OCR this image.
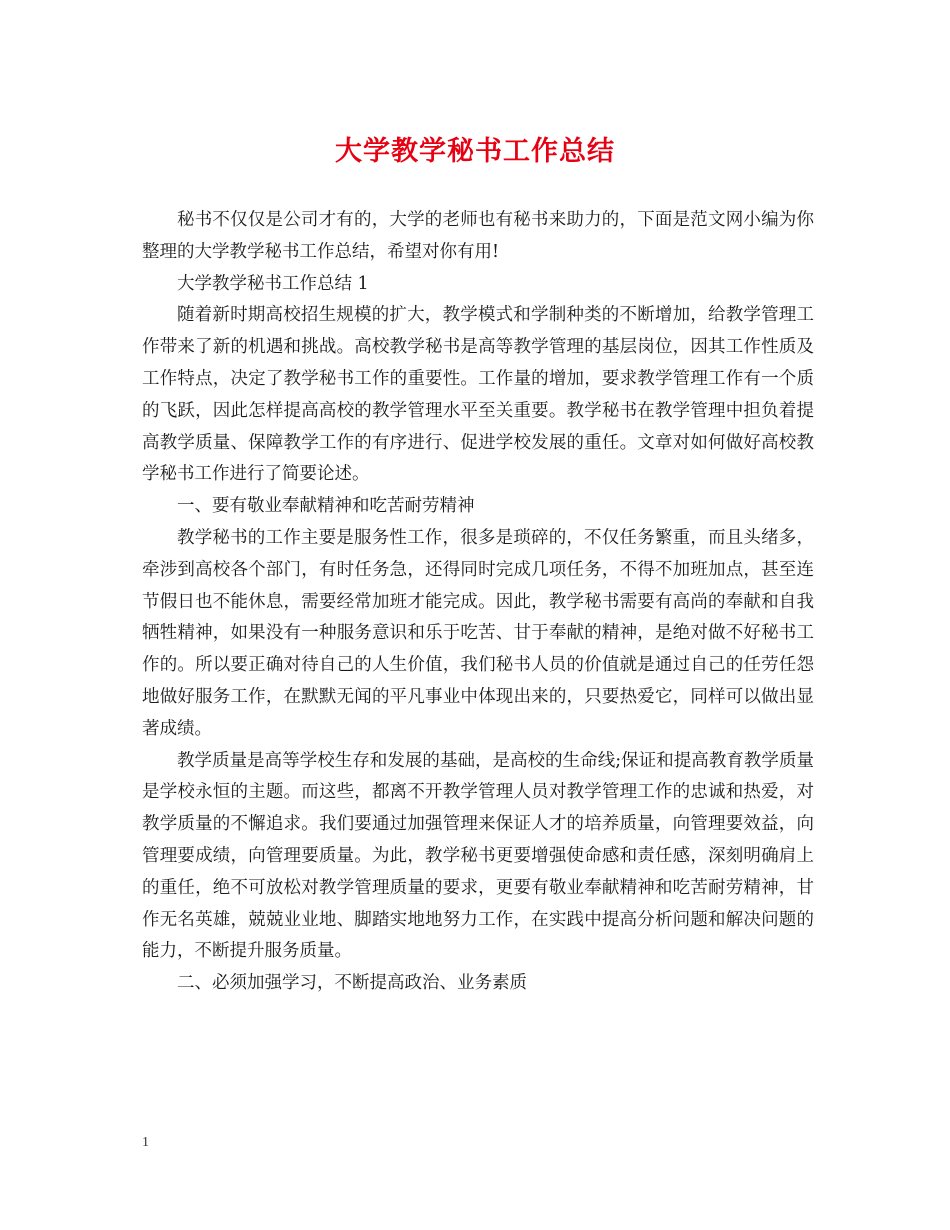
大学教学秘书工作总结

秘书不仅仅是公司才有的，大学的老师也有秘书来助力的，下面是范文网小编为你整理的大学教学秘书工作总结，希望对你有用!

大学教学秘书工作总结 1

随着新时期高校招生规模的扩大，教学模式和学制种类的不断增加，给教学管理工作带来了新的机遇和挑战。高校教学秘书是高等教学管理的基层岗位，因其工作性质及工作特点，决定了教学秘书工作的重要性。工作量的增加，要求教学管理工作有一个质的飞跃，因此怎样提高高校的教学管理水平至关重要。教学秘书在教学管理中担负着提高教学质量、保障教学工作的有序进行、促进学校发展的重任。文章对如何做好高校教学秘书工作进行了简要论述。

一、要有敬业奉献精神和吃苦耐劳精神

教学秘书的工作主要是服务性工作，很多是琐碎的，不仅任务繁重，而且头绪多，牵涉到高校各个部门，有时任务急，还得同时完成几项任务，不得不加班加点，甚至连节假日也不能休息，需要经常加班才能完成。因此，教学秘书需要有高尚的奉献和自我牺牲精神，如果没有一种服务意识和乐于吃苦、甘于奉献的精神，是绝对做不好秘书工作的。所以要正确对待自己的人生价值，我们秘书人员的价值就是通过自己的任劳任怨地做好服务工作，在默默无闻的平凡事业中体现出来的，只要热爱它，同样可以做出显著成绩。

教学质量是高等学校生存和发展的基础，是高校的生命线;保证和提高教育教学质量是学校永恒的主题。而这些，都离不开教学管理人员对教学管理工作的忠诚和热爱，对教学质量的不懈追求。我们要通过加强管理来保证人才的培养质量，向管理要效益，向管理要成绩，向管理要质量。为此，教学秘书更要增强使命感和责任感，深刻明确肩上的重任，绝不可放松对教学管理质量的要求，更要有敬业奉献精神和吃苦耐劳精神，甘作无名英雄，兢兢业业地、脚踏实地地努力工作，在实践中提高分析问题和解决问题的能力，不断提升服务质量。

二、必须加强学习，不断提高政治、业务素质

1
